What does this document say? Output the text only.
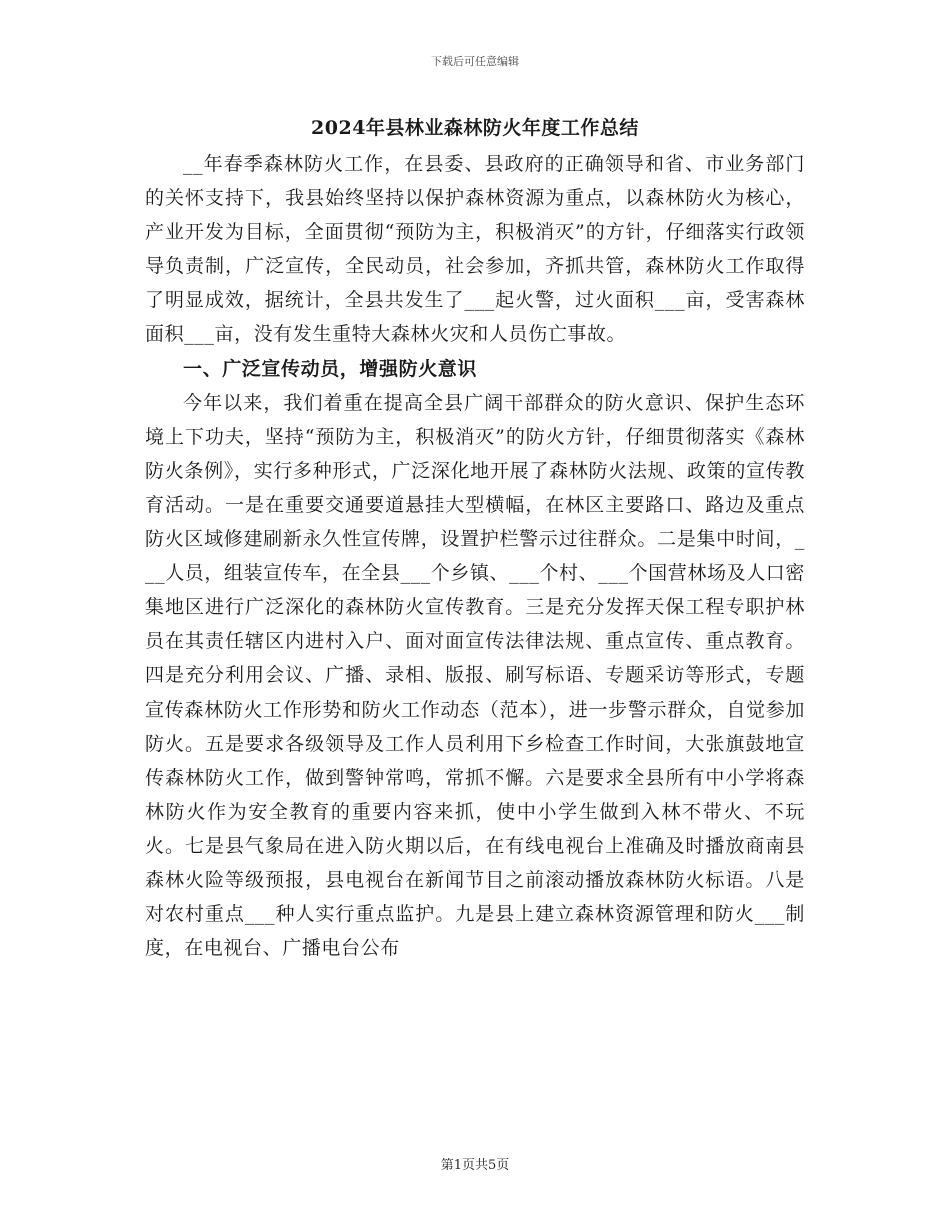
下载后可任意编辑
2024年县林业森林防火年度工作总结

__年春季森林防火工作，在县委、县政府的正确领导和省、市业务部门的关怀支持下，我县始终坚持以保护森林资源为重点，以森林防火为核心，产业开发为目标，全面贯彻“预防为主，积极消灭”的方针，仔细落实行政领导负责制，广泛宣传，全民动员，社会参加，齐抓共管，森林防火工作取得了明显成效，据统计，全县共发生了___起火警，过火面积___亩，受害森林面积___亩，没有发生重特大森林火灾和人员伤亡事故。

一、广泛宣传动员，增强防火意识

今年以来，我们着重在提高全县广阔干部群众的防火意识、保护生态环境上下功夫，坚持“预防为主，积极消灭”的防火方针，仔细贯彻落实《森林防火条例》，实行多种形式，广泛深化地开展了森林防火法规、政策的宣传教育活动。一是在重要交通要道悬挂大型横幅，在林区主要路口、路边及重点防火区域修建刷新永久性宣传牌，设置护栏警示过往群众。二是集中时间，___人员，组装宣传车，在全县___个乡镇、___个村、___个国营林场及人口密集地区进行广泛深化的森林防火宣传教育。三是充分发挥天保工程专职护林员在其责任辖区内进村入户、面对面宣传法律法规、重点宣传、重点教育。四是充分利用会议、广播、录相、版报、刷写标语、专题采访等形式，专题宣传森林防火工作形势和防火工作动态（范本），进一步警示群众，自觉参加防火。五是要求各级领导及工作人员利用下乡检查工作时间，大张旗鼓地宣传森林防火工作，做到警钟常鸣，常抓不懈。六是要求全县所有中小学将森林防火作为安全教育的重要内容来抓，使中小学生做到入林不带火、不玩火。七是县气象局在进入防火期以后，在有线电视台上准确及时播放商南县森林火险等级预报，县电视台在新闻节目之前滚动播放森林防火标语。八是对农村重点___种人实行重点监护。九是县上建立森林资源管理和防火___制度，在电视台、广播电台公布

第1页共5页
